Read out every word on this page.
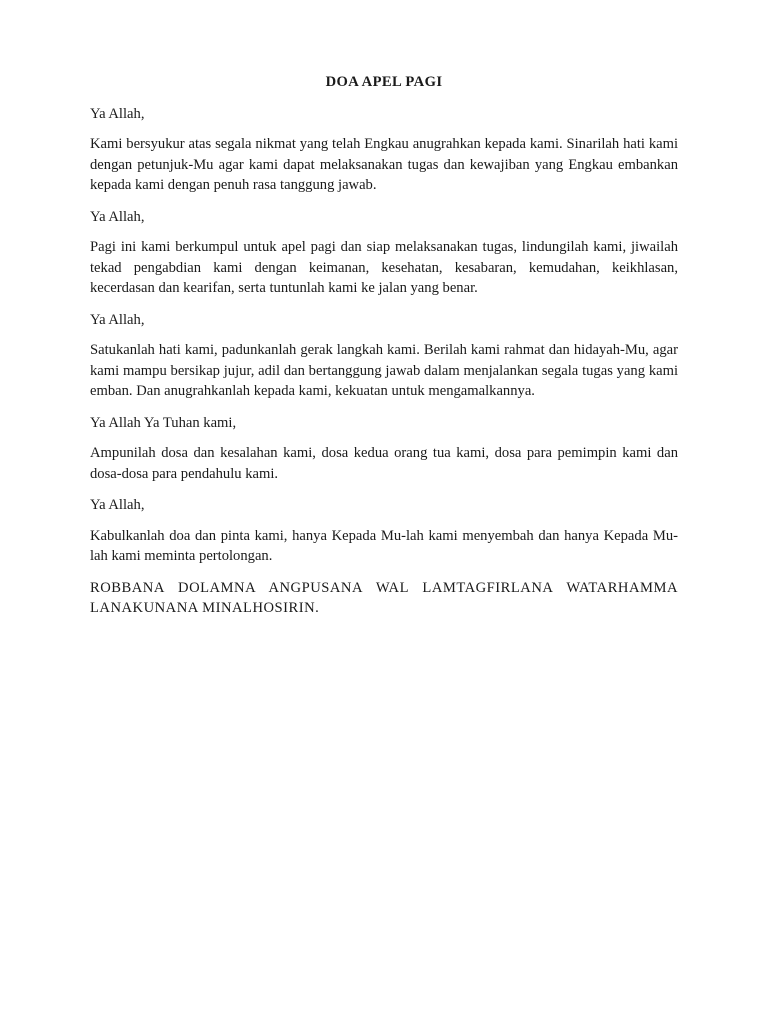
DOA APEL PAGI
Ya Allah,
Kami bersyukur atas segala nikmat yang telah Engkau anugrahkan kepada kami. Sinarilah hati kami dengan petunjuk-Mu agar kami dapat melaksanakan tugas dan kewajiban yang Engkau embankan kepada kami dengan penuh rasa tanggung jawab.
Ya Allah,
Pagi ini kami berkumpul untuk apel pagi dan siap melaksanakan tugas, lindungilah kami, jiwailah tekad pengabdian kami dengan keimanan, kesehatan, kesabaran, kemudahan, keikhlasan, kecerdasan dan kearifan, serta tuntunlah kami ke jalan yang benar.
Ya Allah,
Satukanlah hati kami, padunkanlah gerak langkah kami. Berilah kami rahmat dan hidayah-Mu, agar kami mampu bersikap jujur, adil dan bertanggung jawab dalam menjalankan segala tugas yang kami emban. Dan anugrahkanlah kepada kami, kekuatan untuk mengamalkannya.
Ya Allah Ya Tuhan kami,
Ampunilah dosa dan kesalahan kami, dosa kedua orang tua kami, dosa para pemimpin kami dan dosa-dosa para pendahulu kami.
Ya Allah,
Kabulkanlah doa dan pinta kami, hanya Kepada Mu-lah kami menyembah dan hanya Kepada Mu-lah kami meminta pertolongan.
ROBBANA DOLAMNA ANGPUSANA WAL LAMTAGFIRLANA WATARHAMMA LANAKUNANA MINALHOSIRIN.
